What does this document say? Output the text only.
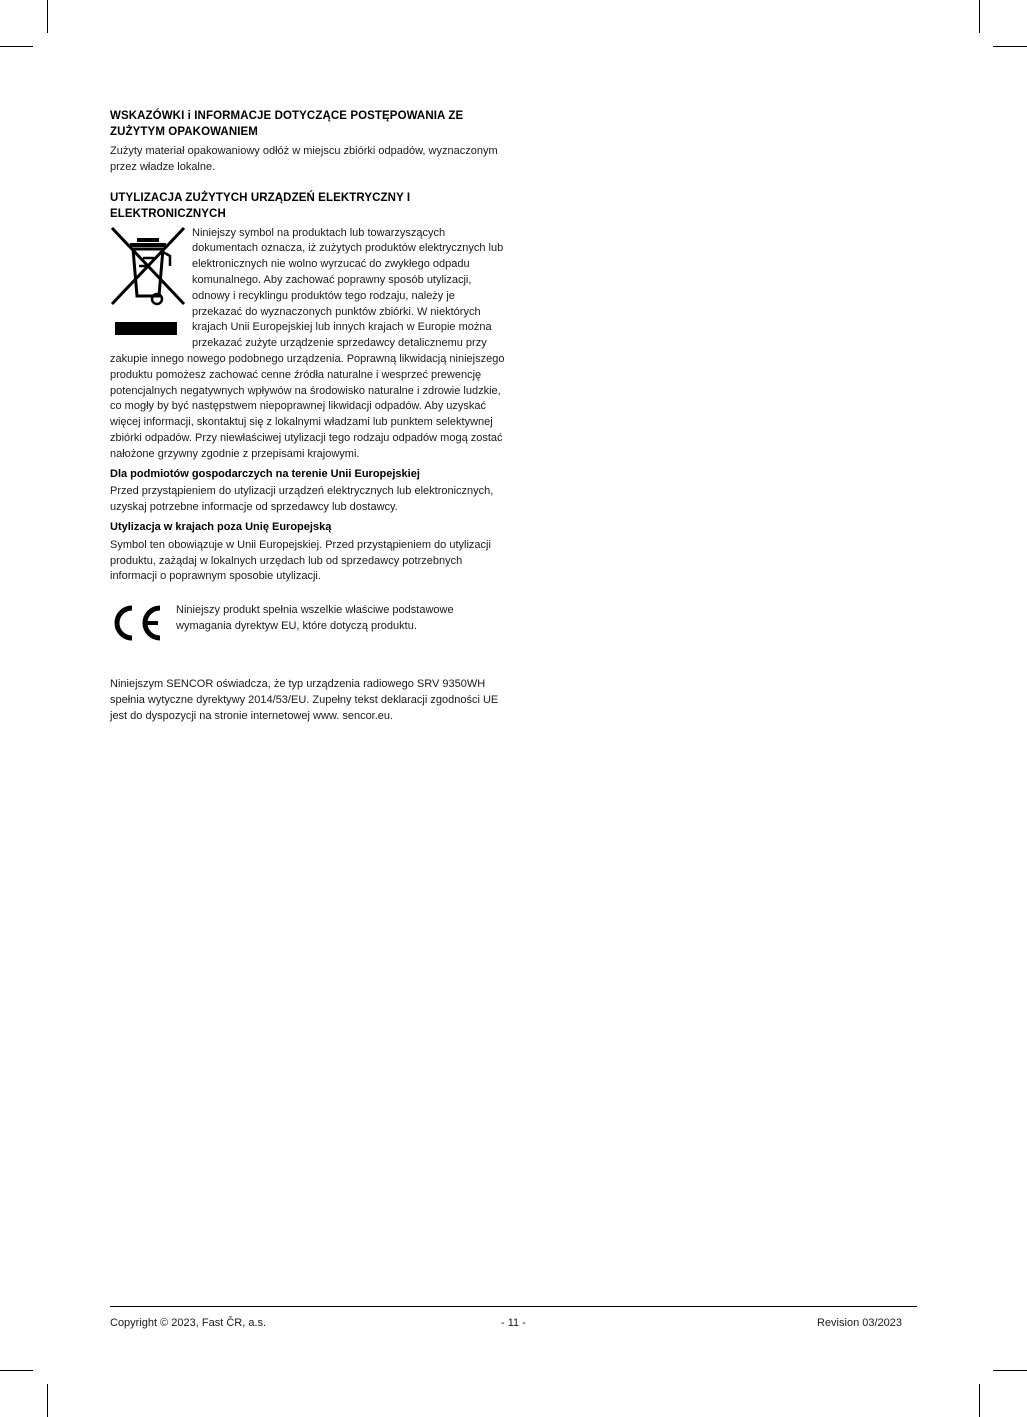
WSKAZÓWKI i INFORMACJE DOTYCZĄCE POSTĘPOWANIA ZE ZUŻYTYM OPAKOWANIEM

Zużyty materiał opakowaniowy odłóż w miejscu zbiórki odpadów, wyznaczonym przez władze lokalne.

UTYLIZACJA ZUŻYTYCH URZĄDZEŃ ELEKTRYCZNY I ELEKTRONICZNYCH

Niniejszy symbol na produktach lub towarzyszących dokumentach oznacza, iż zużytych produktów elektrycznych lub elektronicznych nie wolno wyrzucać do zwykłego odpadu komunalnego. Aby zachować poprawny sposób utylizacji, odnowy i recyklingu produktów tego rodzaju, należy je przekazać do wyznaczonych punktów zbiórki. W niektórych krajach Unii Europejskiej lub innych krajach w Europie można przekazać zużyte urządzenie sprzedawcy detalicznemu przy zakupie innego nowego podobnego urządzenia. Poprawną likwidacją niniejszego produktu pomożesz zachować cenne źródła naturalne i wesprzeć prewencję potencjalnych negatywnych wpływów na środowisko naturalne i zdrowie ludzkie, co mogły by być następstwem niepoprawnej likwidacji odpadów. Aby uzyskać więcej informacji, skontaktuj się z lokalnymi władzami lub punktem selektywnej zbiórki odpadów. Przy niewłaściwej utylizacji tego rodzaju odpadów mogą zostać nałożone grzywny zgodnie z przepisami krajowymi.

Dla podmiotów gospodarczych na terenie Unii Europejskiej

Przed przystąpieniem do utylizacji urządzeń elektrycznych lub elektronicznych, uzyskaj potrzebne informacje od sprzedawcy lub dostawcy.

Utylizacja w krajach poza Unię Europejską

Symbol ten obowiązuje w Unii Europejskiej. Przed przystąpieniem do utylizacji produktu, zażądaj w lokalnych urzędach lub od sprzedawcy potrzebnych informacji o poprawnym sposobie utylizacji.

Niniejszy produkt spełnia wszelkie właściwe podstawowe wymagania dyrektyw EU, które dotyczą produktu.

Niniejszym SENCOR oświadcza, że typ urządzenia radiowego SRV 9350WH spełnia wytyczne dyrektywy 2014/53/EU. Zupełny tekst deklaracji zgodności UE jest do dyspozycji na stronie internetowej www. sencor.eu.

Copyright © 2023, Fast ČR, a.s.	- 11 -	Revision 03/2023
